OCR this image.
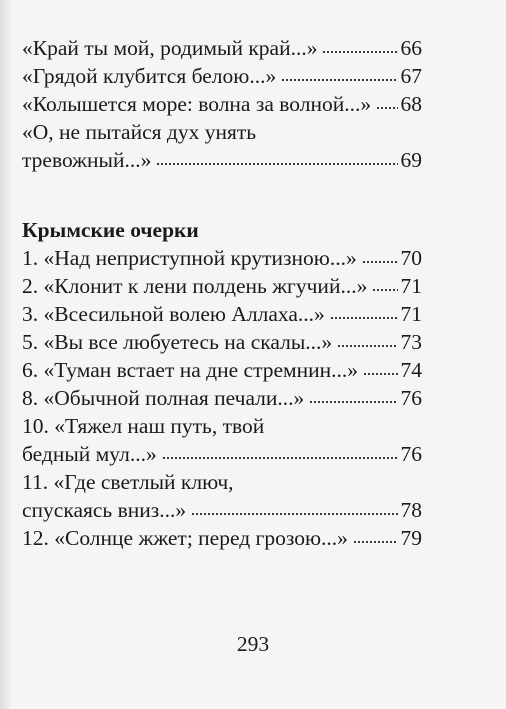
«Край ты мой, родимый край...»	66
«Грядой клубится белою...»	67
«Колышется море: волна за волной...» 68
«О, не пытайся дух унять
тревожный...»	69
Крымские очерки
1. «Над неприступной крутизною...» 70
2. «Клонит к лени полдень жгучий...» 71
3. «Всесильной волею Аллаха...»	71
5. «Вы все любуетесь на скалы...»	73
6. «Туман встает на дне стремнин...» 74
8. «Обычной полная печали...»	76
10. «Тяжел наш путь, твой
бедный мул...»	76
11. «Где светлый ключ,
спускаясь вниз...»	78
12. «Солнце жжет; перед грозою...» 79
293
